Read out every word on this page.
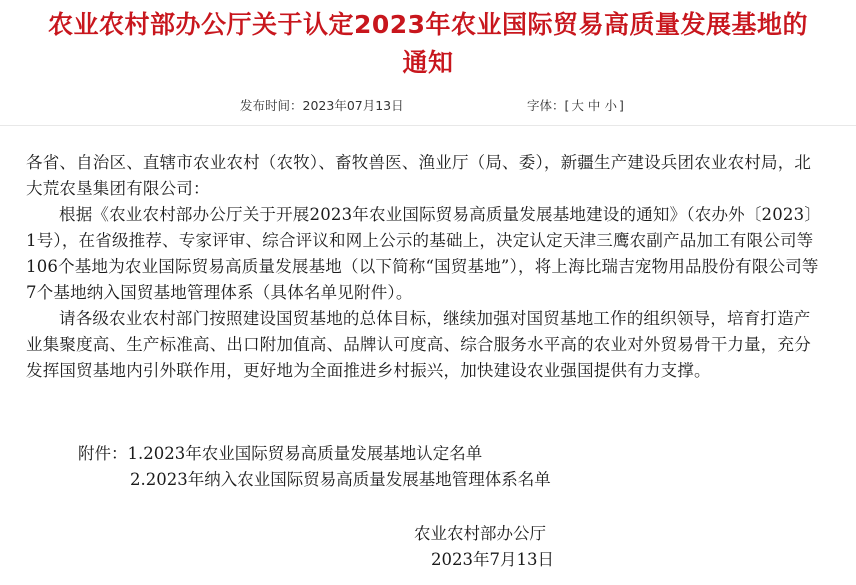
农业农村部办公厅关于认定2023年农业国际贸易高质量发展基地的
通知
发布时间：2023年07月13日	字体：[ 大 中 小 ]

各省、自治区、直辖市农业农村（农牧）、畜牧兽医、渔业厅（局、委），新疆生产建设兵团农业农村局，北大荒农垦集团有限公司：

根据《农业农村部办公厅关于开展2023年农业国际贸易高质量发展基地建设的通知》（农办外〔2023〕1号），在省级推荐、专家评审、综合评议和网上公示的基础上，决定认定天津三鹰农副产品加工有限公司等106个基地为农业国际贸易高质量发展基地（以下简称“国贸基地”），将上海比瑞吉宠物用品股份有限公司等7个基地纳入国贸基地管理体系（具体名单见附件）。

请各级农业农村部门按照建设国贸基地的总体目标，继续加强对国贸基地工作的组织领导，培育打造产业集聚度高、生产标准高、出口附加值高、品牌认可度高、综合服务水平高的农业对外贸易骨干力量，充分发挥国贸基地内引外联作用，更好地为全面推进乡村振兴，加快建设农业强国提供有力支撑。

附件：1.2023年农业国际贸易高质量发展基地认定名单
2.2023年纳入农业国际贸易高质量发展基地管理体系名单
农业农村部办公厅
2023年7月13日
